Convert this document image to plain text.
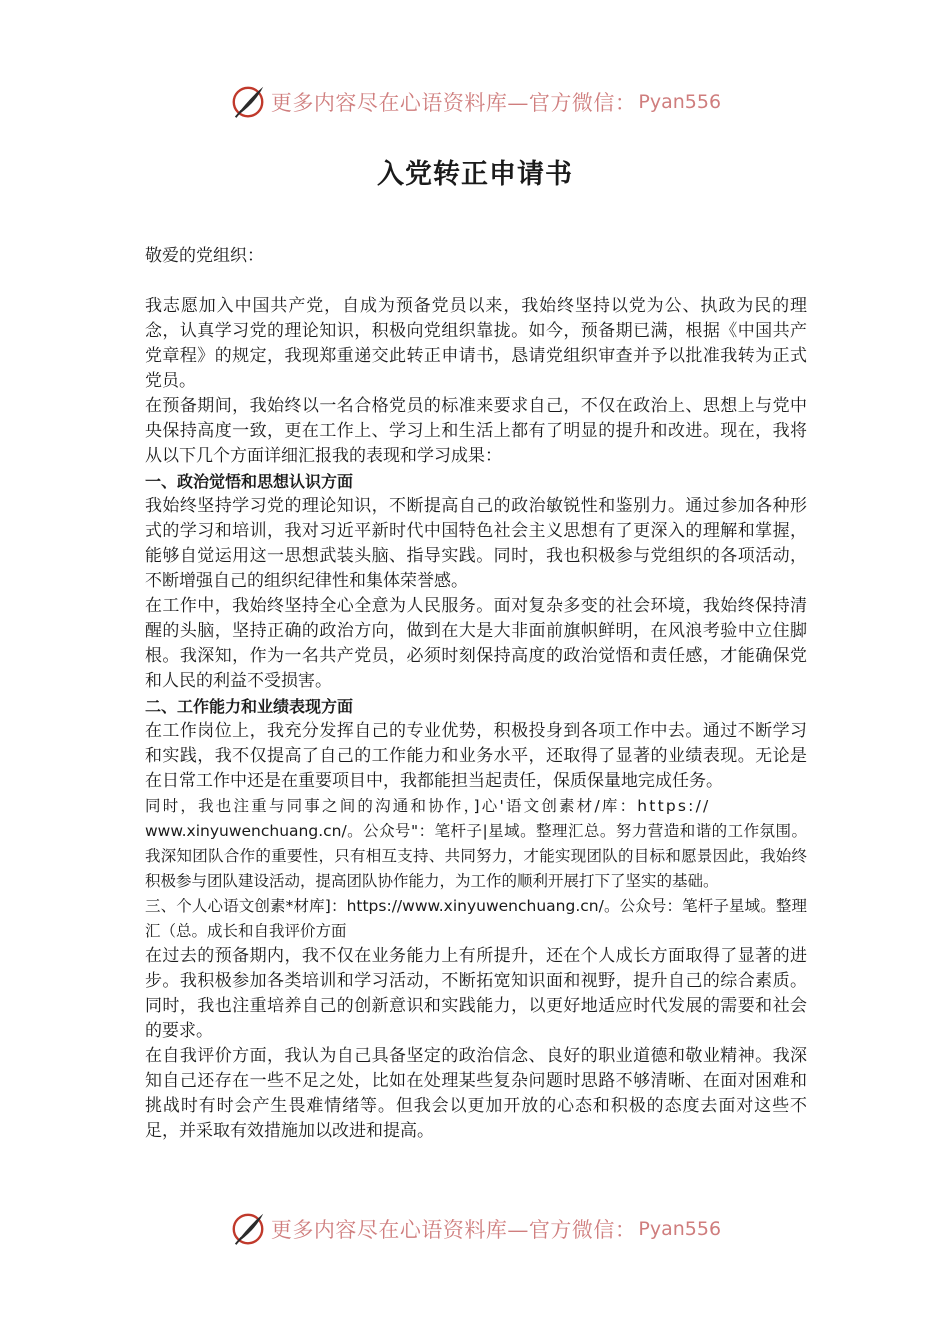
更多内容尽在心语资料库—官方微信： Pyan556
入党转正申请书

敬爱的党组织：

我志愿加入中国共产党，自成为预备党员以来，我始终坚持以党为公、执政为民的理念，认真学习党的理论知识，积极向党组织靠拢。如今，预备期已满，根据《中国共产党章程》的规定，我现郑重递交此转正申请书，恳请党组织审查并予以批准我转为正式党员。

在预备期间，我始终以一名合格党员的标准来要求自己，不仅在政治上、思想上与党中央保持高度一致，更在工作上、学习上和生活上都有了明显的提升和改进。现在，我将从以下几个方面详细汇报我的表现和学习成果：

一、政治觉悟和思想认识方面

我始终坚持学习党的理论知识，不断提高自己的政治敏锐性和鉴别力。通过参加各种形式的学习和培训，我对习近平新时代中国特色社会主义思想有了更深入的理解和掌握，能够自觉运用这一思想武装头脑、指导实践。同时，我也积极参与党组织的各项活动，不断增强自己的组织纪律性和集体荣誉感。

在工作中，我始终坚持全心全意为人民服务。面对复杂多变的社会环境，我始终保持清醒的头脑，坚持正确的政治方向，做到在大是大非面前旗帜鲜明，在风浪考验中立住脚根。我深知，作为一名共产党员，必须时刻保持高度的政治觉悟和责任感，才能确保党和人民的利益不受损害。

二、工作能力和业绩表现方面

在工作岗位上，我充分发挥自己的专业优势，积极投身到各项工作中去。通过不断学习和实践，我不仅提高了自己的工作能力和业务水平，还取得了显著的业绩表现。无论是在日常工作中还是在重要项目中，我都能担当起责任，保质保量地完成任务。

同时，我也注重与同事之间的沟通和协作，]心'语文创素材/库：https://

www.xinyuwenchuang.cn/。公众号"：笔杆子|星域。整理汇总。努力营造和谐的工作氛围。我深知团队合作的重要性，只有相互支持、共同努力，才能实现团队的目标和愿景因此，我始终积极参与团队建设活动，提高团队协作能力，为工作的顺利开展打下了坚实的基础。

三、个人心语文创素*材库]：https://www.xinyuwenchuang.cn/。公众号：笔杆子星域。整理汇（总。成长和自我评价方面

在过去的预备期内，我不仅在业务能力上有所提升，还在个人成长方面取得了显著的进步。我积极参加各类培训和学习活动，不断拓宽知识面和视野，提升自己的综合素质。同时，我也注重培养自己的创新意识和实践能力，以更好地适应时代发展的需要和社会的要求。

在自我评价方面，我认为自己具备坚定的政治信念、良好的职业道德和敬业精神。我深知自己还存在一些不足之处，比如在处理某些复杂问题时思路不够清晰、在面对困难和挑战时有时会产生畏难情绪等。但我会以更加开放的心态和积极的态度去面对这些不足，并采取有效措施加以改进和提高。

更多内容尽在心语资料库—官方微信： Pyan556
